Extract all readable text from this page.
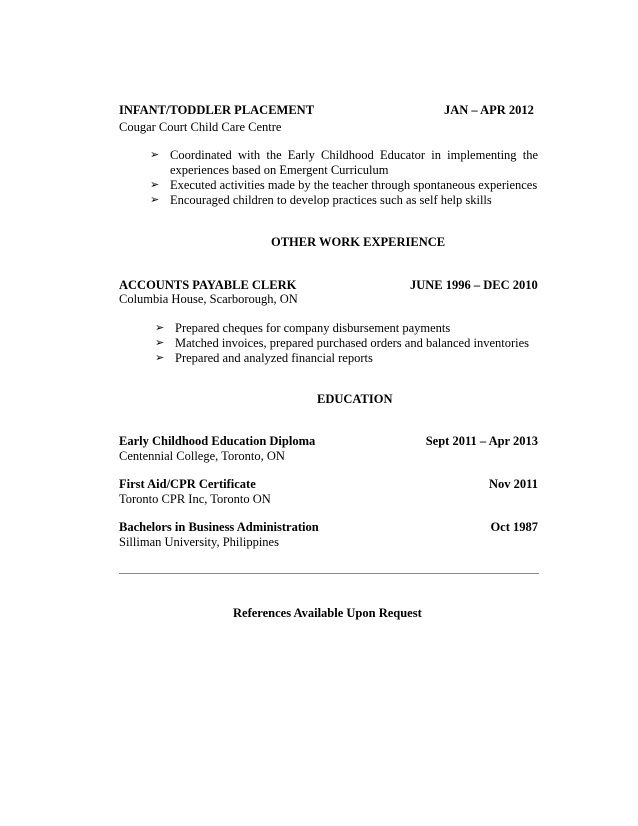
INFANT/TODDLER PLACEMENT	JAN – APR 2012
Cougar Court Child Care Centre
➢ Coordinated with the Early Childhood Educator in implementing the
experiences based on Emergent Curriculum
➢ Executed activities made by the teacher through spontaneous experiences
➢ Encouraged children to develop practices such as self help skills
OTHER WORK EXPERIENCE
ACCOUNTS PAYABLE CLERK	JUNE 1996 – DEC 2010
Columbia House, Scarborough, ON
➢ Prepared cheques for company disbursement payments
➢ Matched invoices, prepared purchased orders and balanced inventories
➢ Prepared and analyzed financial reports
EDUCATION
Early Childhood Education Diploma	Sept 2011 – Apr 2013
Centennial College, Toronto, ON
First Aid/CPR Certificate	Nov 2011
Toronto CPR Inc, Toronto ON
Bachelors in Business Administration	Oct 1987
Silliman University, Philippines
References Available Upon Request
